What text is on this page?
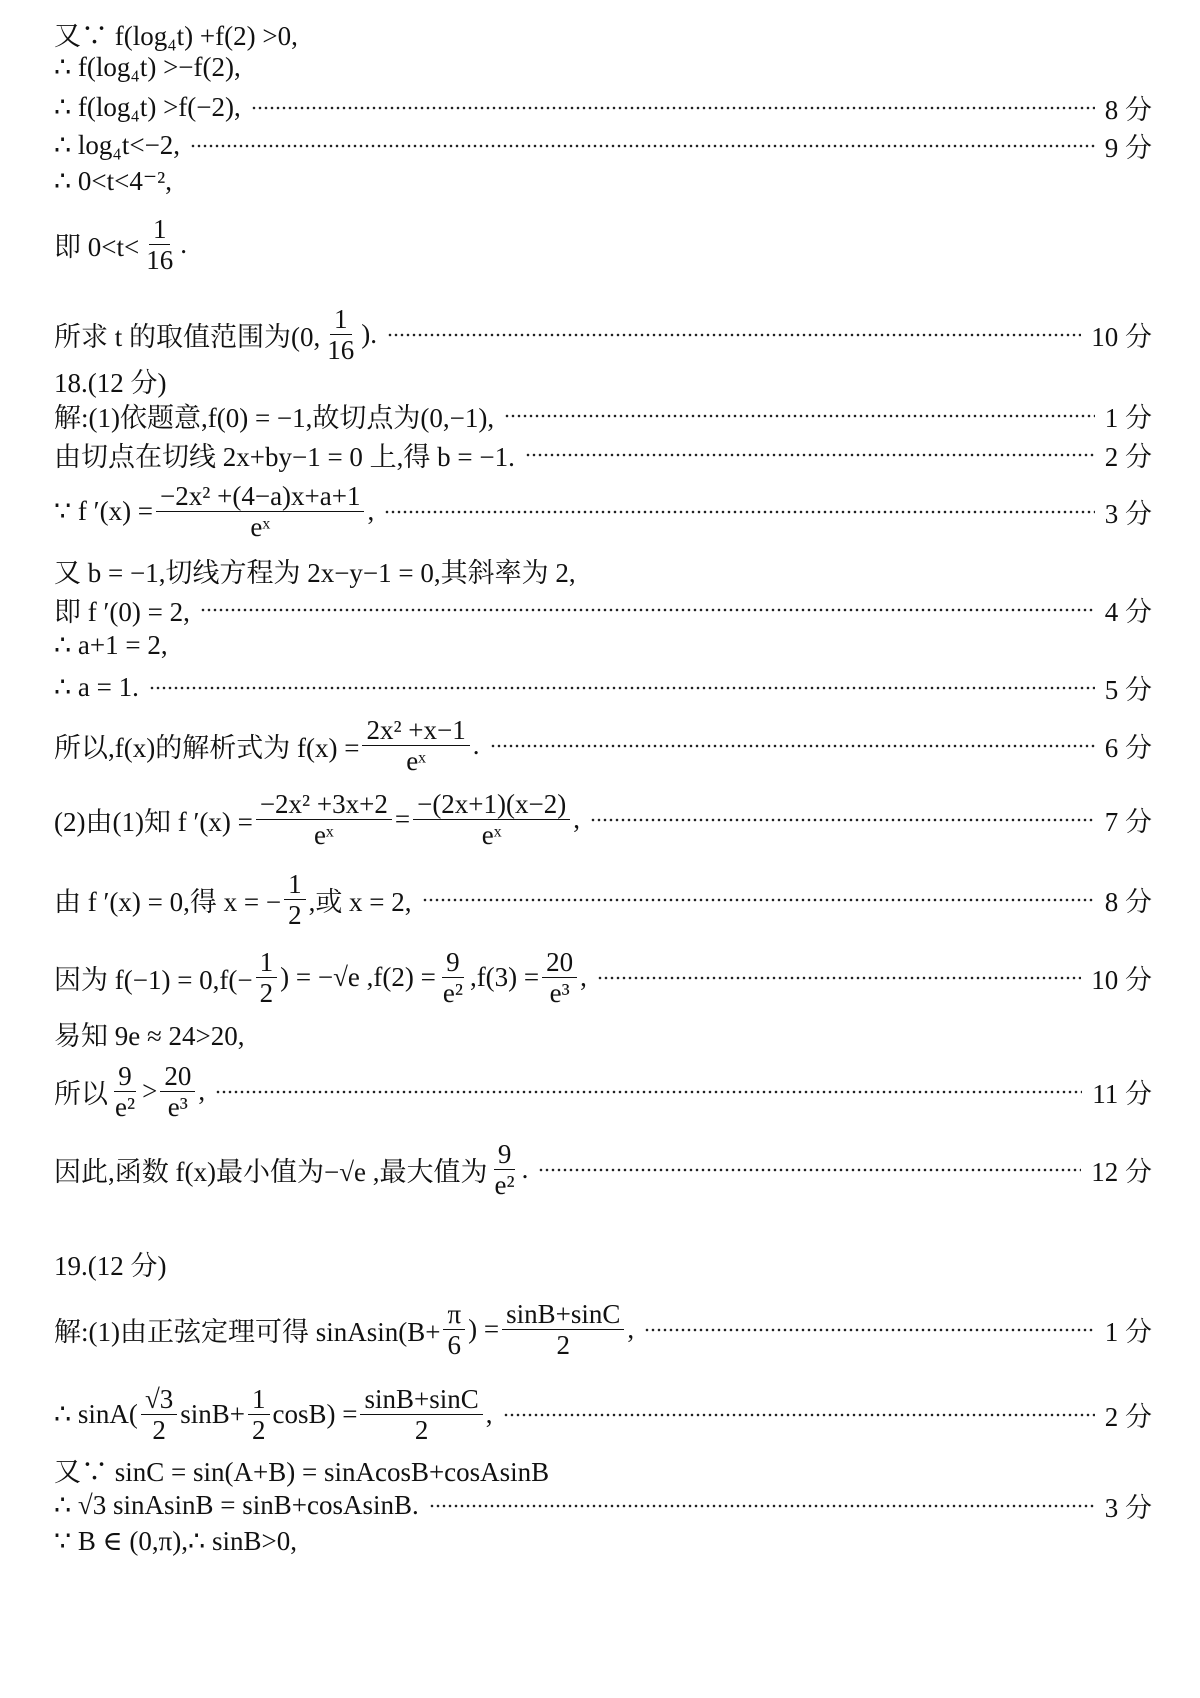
又∵ f(log₄t) +f(2) >0,
∴ f(log₄t) >−f(2),
∴ f(log₄t) >f(−2),	8 分
∴ log₄t<−2,	9 分
∴ 0<t<4⁻²,
即 $0<t< \frac{1}{16}$ .
所求 t 的取值范围为(0, $\frac{1}{16}$ ).	10 分
18.(12 分)
解:(1)依题意,f(0) = −1,故切点为(0,−1),	1 分
由切点在切线 2x+by−1 = 0 上,得 b = −1.	2 分
∵ f $'(x) = \frac{\text{−2x² +(4−a)x+a+1}}{\text{eˣ}}$ ,	3 分
又 b = −1,切线方程为 2x−y−1 = 0,其斜率为 2,
即 f ′(0) = 2,	4 分
∴ a+1 = 2,
∴ a = 1.	5 分
所以,f(x)的解析式为 $f(x) = \frac{\text{2x² +x−1}}{\text{eˣ}}$ .	6 分
(2)由(1)知 f $'(x) = \frac{\text{−2x² +3x+2}}{\text{eˣ}} = \frac{-(2x+1)(x-2)}{\text{eˣ}}$ ,	7 分
由 f ′(x) = 0,得 x = − $\frac{1}{2}$ ,或 x = 2,	8 分
因为 $f(-1) = 0,f(- \frac{1}{2}$ ) = −√e $,f(2) = \frac{9}{\text{e²}} ,f(3) = \frac{20}{\text{e³}}$ ,	10 分
易知 9e ≈ 24>20,
所以 $\frac{9}{\text{e²}} > \frac{20}{\text{e³}}$ ,	11 分
因此,函数 f(x)最小值为−√e ,最大值为 $\frac{9}{\text{e²}}$ .	12 分
19.(12 分)
解:(1)由正弦定理可得 sinAsin(B+ $\frac{\pi}{6}$ ) = $\frac{\sin B+\sin C}{2}$ ,	1 分
∴ $\sin A( \frac{√3}{2} \sin B+ \frac{1}{2} \cos B) = \frac{\sin B+\sin C}{2}$ ,	2 分
又∵ sinC = sin(A+B) = sinAcosB+cosAsinB
∴ √3 sinAsinB = sinB+cosAsinB.	3 分
∵ B ∈ (0,π),∴ sinB>0,
